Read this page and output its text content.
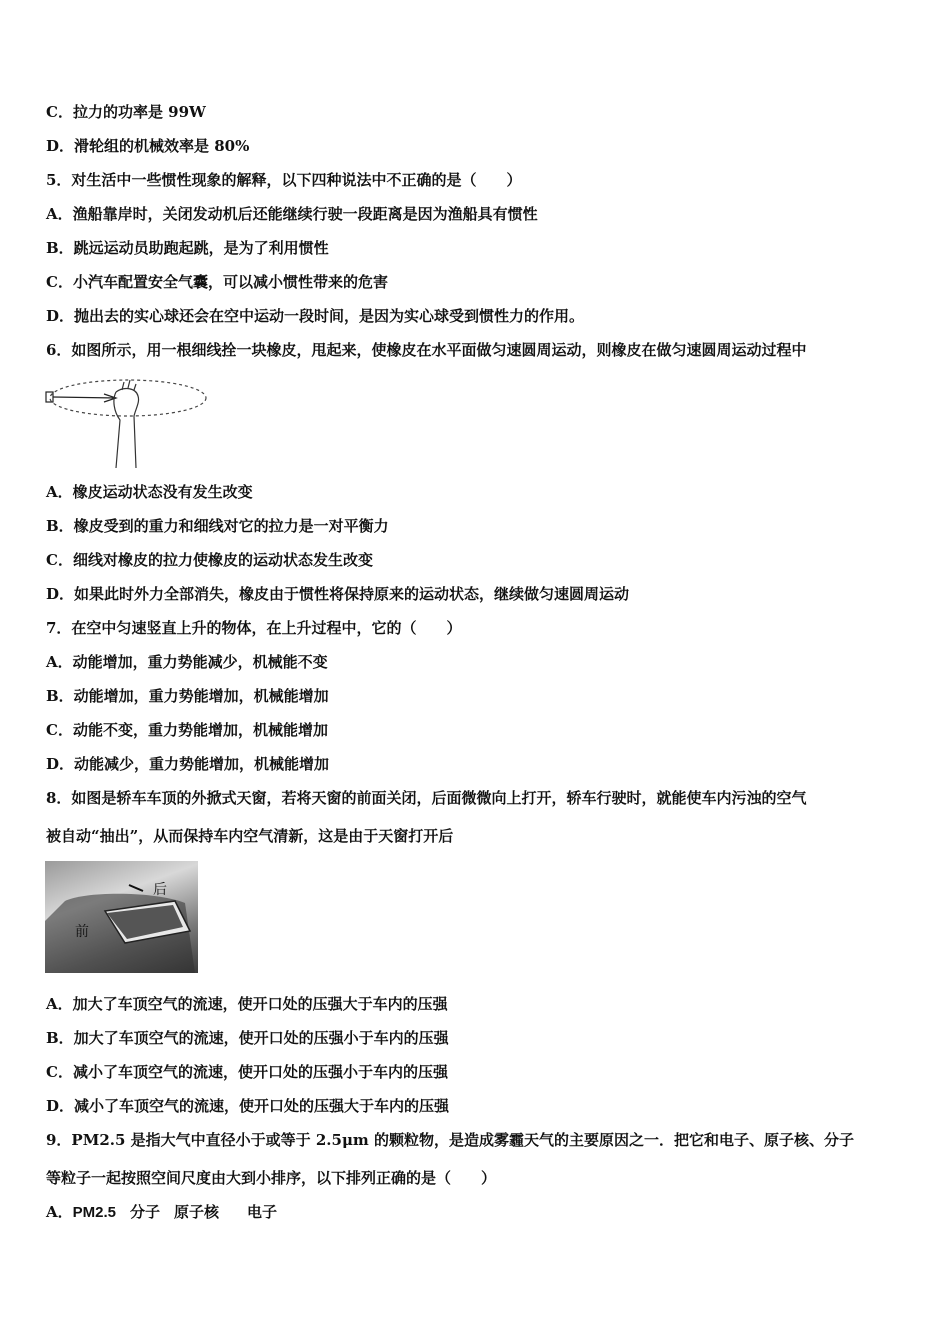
C．拉力的功率是 99W
D．滑轮组的机械效率是 80%
5．对生活中一些惯性现象的解释，以下四种说法中不正确的是（　　）
A．渔船靠岸时，关闭发动机后还能继续行驶一段距离是因为渔船具有惯性
B．跳远运动员助跑起跳，是为了利用惯性
C．小汽车配置安全气囊，可以减小惯性带来的危害
D．抛出去的实心球还会在空中运动一段时间，是因为实心球受到惯性力的作用。
6．如图所示，用一根细线拴一块橡皮，甩起来，使橡皮在水平面做匀速圆周运动，则橡皮在做匀速圆周运动过程中
A．橡皮运动状态没有发生改变
B．橡皮受到的重力和细线对它的拉力是一对平衡力
C．细线对橡皮的拉力使橡皮的运动状态发生改变
D．如果此时外力全部消失，橡皮由于惯性将保持原来的运动状态，继续做匀速圆周运动
7．在空中匀速竖直上升的物体，在上升过程中，它的（　　）
A．动能增加，重力势能减少，机械能不变
B．动能增加，重力势能增加，机械能增加
C．动能不变，重力势能增加，机械能增加
D．动能减少，重力势能增加，机械能增加
8．如图是轿车车顶的外掀式天窗，若将天窗的前面关闭，后面微微向上打开，轿车行驶时，就能使车内污浊的空气
被自动“抽出”，从而保持车内空气清新，这是由于天窗打开后
后
前
A．加大了车顶空气的流速，使开口处的压强大于车内的压强
B．加大了车顶空气的流速，使开口处的压强小于车内的压强
C．减小了车顶空气的流速，使开口处的压强小于车内的压强
D．减小了车顶空气的流速，使开口处的压强大于车内的压强
9．PM2.5 是指大气中直径小于或等于 2.5μm 的颗粒物，是造成雾霾天气的主要原因之一．把它和电子、原子核、分子
等粒子一起按照空间尺度由大到小排序，以下排列正确的是（　　）
A．PM2.5 分子 原子核 电子
